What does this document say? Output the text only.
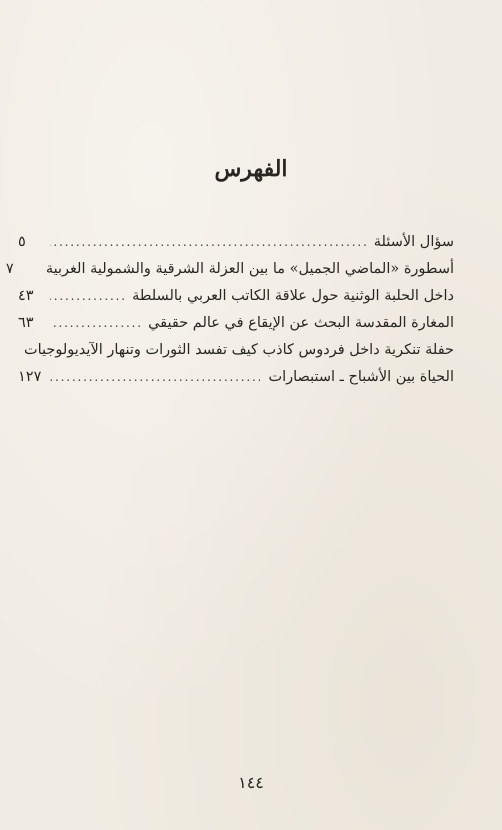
الفهرس
سؤال الأسئلة
. . .
٥
أسطورة «الماضي الجميل» ما بين العزلة الشرقية والشمولية الغربية
٧
داخل الحلبة الوثنية حول علاقة الكاتب العربي بالسلطة
. . .
٤٣
المغارة المقدسة البحث عن الإيقاع في عالم حقيقي
. . .
٦٣
حفلة تنكرية داخل فردوس كاذب كيف تفسد الثورات وتنهار الآيديولوجيات
الحياة بين الأشباح ـ استبصارات
. . .
١٢٧
١٤٤
